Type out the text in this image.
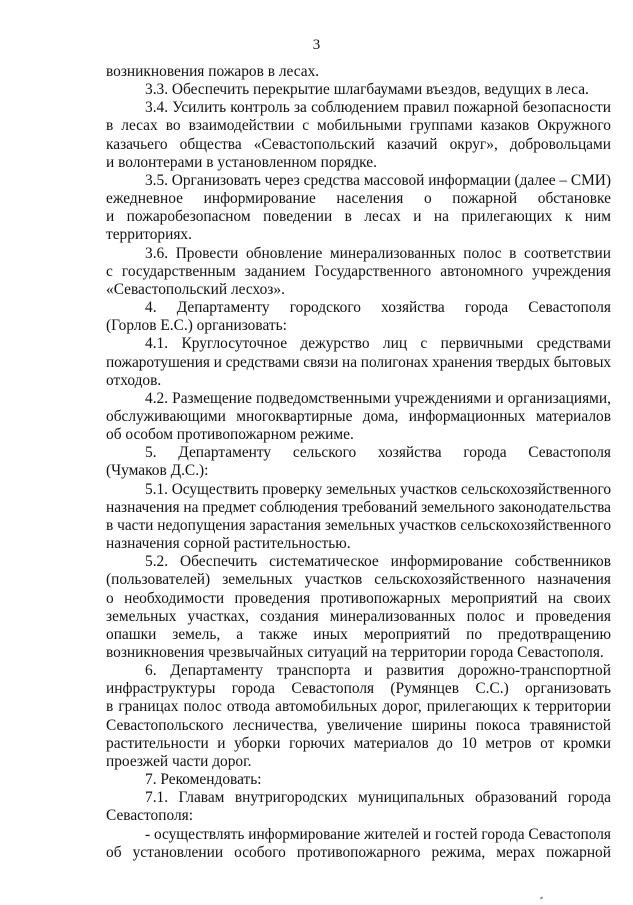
3
возникновения пожаров в лесах.
3.3. Обеспечить перекрытие шлагбаумами въездов, ведущих в леса.
3.4. Усилить контроль за соблюдением правил пожарной безопасности
в лесах во взаимодействии с мобильными группами казаков Окружного
казачьего общества «Севастопольский казачий округ», добровольцами
и волонтерами в установленном порядке.
3.5. Организовать через средства массовой информации (далее – СМИ)
ежедневное информирование населения о пожарной обстановке
и пожаробезопасном поведении в лесах и на прилегающих к ним
территориях.
3.6. Провести обновление минерализованных полос в соответствии
с государственным заданием Государственного автономного учреждения
«Севастопольский лесхоз».
4. Департаменту городского хозяйства города Севастополя
(Горлов Е.С.) организовать:
4.1. Круглосуточное дежурство лиц с первичными средствами
пожаротушения и средствами связи на полигонах хранения твердых бытовых
отходов.
4.2. Размещение подведомственными учреждениями и организациями,
обслуживающими многоквартирные дома, информационных материалов
об особом противопожарном режиме.
5. Департаменту сельского хозяйства города Севастополя
(Чумаков Д.С.):
5.1. Осуществить проверку земельных участков сельскохозяйственного
назначения на предмет соблюдения требований земельного законодательства
в части недопущения зарастания земельных участков сельскохозяйственного
назначения сорной растительностью.
5.2. Обеспечить систематическое информирование собственников
(пользователей) земельных участков сельскохозяйственного назначения
о необходимости проведения противопожарных мероприятий на своих
земельных участках, создания минерализованных полос и проведения
опашки земель, а также иных мероприятий по предотвращению
возникновения чрезвычайных ситуаций на территории города Севастополя.
6. Департаменту транспорта и развития дорожно-транспортной
инфраструктуры города Севастополя (Румянцев С.С.) организовать
в границах полос отвода автомобильных дорог, прилегающих к территории
Севастопольского лесничества, увеличение ширины покоса травянистой
растительности и уборки горючих материалов до 10 метров от кромки
проезжей части дорог.
7. Рекомендовать:
7.1. Главам внутригородских муниципальных образований города
Севастополя:
- осуществлять информирование жителей и гостей города Севастополя
об установлении особого противопожарного режима, мерах пожарной
